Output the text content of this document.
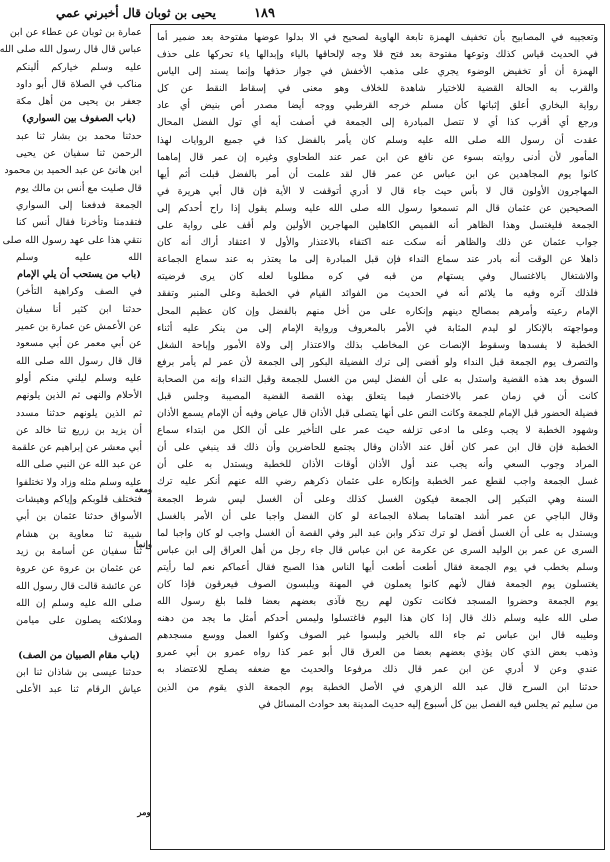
١٨٩
يحيى بن ثوبان قال أخبرني عمي

وتعجيبه في المصابيح بأن تخفيف الهمزة تابعة الهاوية لصحيح في الا بدلوا عوضها مفتوحة بعد ضمير أما

في الحديث قياس كذلك وتوعها مفتوحة بعد فتح قلا وجه لإلحاقها بالياء وإبدالها ياء تحركها على حذف

الهمزة أن أو تخفيض الوضوء يجري على مذهب الأخفش في جواز حذفها وإنما يسند إلى الياس

والقرب به الحالة القضية للاختيار شاهدة للخلاف وهو معنى في إسقاط النقط عن كل

رواية البخاري أعلق إثباتها كأن مسلم خرجه القرطبي ووجه أيضا مصدر أص بنيض أي عاد

ورجع أي أقرب كذا أي لا تتصل المبادرة إلى الجمعة في أصفت أيه أي تول الفضل المحال

عقدت أن رسول الله صلى الله عليه وسلم كان يأمر بالفضل كذا في جميع الروايات لهذا

المأمور لأن أدنى روايته بسوء عن نافع عن ابن عمر عند الطحاوي وغيره إن عمر قال إماهما

كانوا يوم المجاهدين عن ابن عباس عن عمر قال لقد علمت أن أمر بالفضل قبلت أثم أيها

المهاجرون الأولون قال لا بأس حيث جاء قال لا أدري أتوقفت لا الأية فإن قال أبي هريرة في

الصحيحين عن عثمان قال الم تسمعوا رسول الله صلى الله عليه وسلم يقول إذا راح أحدكم إلى

الجمعة فليغتسل وهذا الظاهر أنه القميص الكاهلين المهاجرين الأولين ولم أقف على رواية على

جواب عثمان عن ذلك والظاهر أنه سكت عنه اكتفاء بالاعتذار والأول لا اعتقاد أراك أنه كان

ذاهلا عن الوقت أنه بادر عند سماع النداء فإن قبل المبادرة إلى ما يعتذر به عند سماع الجماعة

والاشتغال بالاغتسال وفي يستهام من قبه في كره مطلوبا لعله كان يرى فرضيته

فلذلك آثره وفيه ما يلائم أنه في الحديث من الفوائد القيام في الخطبة وعلى المنبر وتفقد

الإمام رعيته وأمرهم بمصالح دينهم وإنكاره على من أخل منهم بالفضل وإن كان عظيم المحل

ومواجهته بالإنكار لو ليدم المثابة في الأمر بالمعروف ورواية الإمام إلى من ينكر عليه أثناء

الخطبة لا يفسدها وسقوط الإنصات عن المخاطب بذلك والاعتذار إلى ولاة الأمور وإباحة الشغل

والتصرف يوم الجمعة قبل النداء ولو أفضى إلى ترك الفضيلة البكور إلى الجمعة لأن عمر لم يأمر برفع

السوق بعد هذه القضية واستدل به على أن الفضل ليس من الغسل للجمعة وقبل النداء وإنه من الصحابة

كانت أن في زمان عمر بالاختصار فيما يتعلق بهذه القصة القضية المصيبة وجلس قبل

فضيلة الحضور قبل الإمام للجمعة وكانت النص على أنها يتصلى قبل الأذان قال عياض وفيه أن الإمام يسمع الأذان

وشهود الخطبة لا يجب وعلى ما ادعى تزلفه حيث عمر على التأخير على أن الكل من ابتداء سماع

الخطبة فإن قال ابن عمر كان أفل عند الأذان وقال يجتمع للحاضرين وأن ذلك قد ينبغي على أن

المراد وجوب السعي وأنه يجب عند أول الأذان أوقات الأذان للخطبة ويستدل به على أن

غسل الجمعة واجب لقطع عمر الخطبة وإنكاره على عثمان ذكرهم رضي الله عنهم أنكر عليه ترك

السنة وهي التبكير إلى الجمعة فيكون الغسل كذلك وعلى أن الغسل ليس شرط الجمعة

وقال الباجي عن عمر أشد اهتماما بصلاة الجماعة لو كان الفضل واجبا على أن الأمر بالغسل

ويستدل به على أن الغسل أفضل لو ترك تذكر وابن عبد البر وفي القصة أن الغسل واجب لو كان واجبا لما

السرى عن عمر بن الوليد السرى عن عكرمة عن ابن عباس قال جاء رجل من أهل العراق إلى ابن عباس

وسلم بخطب في يوم الجمعة فقال أطعت أطعت أيها الناس هذا الصبح فقال أعماكم نعم لما رأيتم

يغتسلون يوم الجمعة فقال لأنهم كانوا يعملون في المهنة ويلبسون الصوف فيعرقون فإذا كان

يوم الجمعة وحضروا المسجد فكانت تكون لهم ريح فآذى بعضهم بعضا فلما بلغ رسول الله

صلى الله عليه وسلم ذلك قال إذا كان هذا اليوم فاغتسلوا وليمس أحدكم أمثل ما يجد من دهنه

وطيبه قال ابن عباس ثم جاء الله بالخير ولبسوا غير الصوف وكفوا العمل ووسع مسجدهم

وذهب بعض الذي كان يؤذي بعضهم بعضا من العرق قال أبو عمر كذا رواه عمرو بن أبي عمرو

عندي وعن لا أدري عن ابن عمر قال ذلك مرفوعا والحديث مع ضعفه يصلح للاعتضاد به

حدثنا ابن السرح قال عبد الله الزهري في الأصل الخطبة يوم الجمعة الذي يقوم من الذين

من سليم ثم يجلس فيه الفصل بين كل أسبوع إليه حديث المدينة بعد حوادث المسائل في

عمارة بن ثوبان عن عطاء عن ابن

عباس قال قال رسول الله صلى الله

عليه وسلم خياركم ألينكم

مناكب في الصلاة قال أبو داود

جعفر بن يحيى من أهل مكة

(باب الصفوف بين السواري)

حدثنا محمد بن بشار ثنا عبد

الرحمن ثنا سفيان عن يحيى

ابن هانئ عن عبد الحميد بن محمود

قال صليت مع أنس بن مالك يوم

الجمعة فدفعنا إلى السواري

فتقدمنا وتأخرنا فقال أنس كنا

نتقي هذا على عهد رسول الله صلى

الله عليه وسلم

(باب من يستحب أن يلي الإمام

في الصف وكراهية التأخر)

حدثنا ابن كثير أنا سفيان

عن الأعمش عن عمارة بن عمير

عن أبي معمر عن أبي مسعود

قال قال رسول الله صلى الله

عليه وسلم ليلني منكم أولو

الأحلام والنهى ثم الذين يلونهم

ثم الذين يلونهم حدثنا مسدد

أن يزيد بن زريع ثنا خالد عن

أبي معشر عن إبراهيم عن علقمة

عن عبد الله عن النبي صلى الله

عليه وسلم مثله وزاد ولا تختلفوا

فتختلف قلوبكم وإياكم وهيشات

الأسواق حدثنا عثمان بن أبي

شيبة ثنا معاوية بن هشام

ثنا سفيان عن أسامة بن زيد

عن عثمان بن عروة عن عروة

عن عائشة قالت قال رسول الله

صلى الله عليه وسلم إن الله

وملائكته يصلون على ميامن

الصفوف

(باب مقام الصبيان من الصف)

حدثنا عيسى بن شاذان ثنا ابن

عياش الرقام ثنا عبد الأعلى

ومعه
وإنما
ومر
